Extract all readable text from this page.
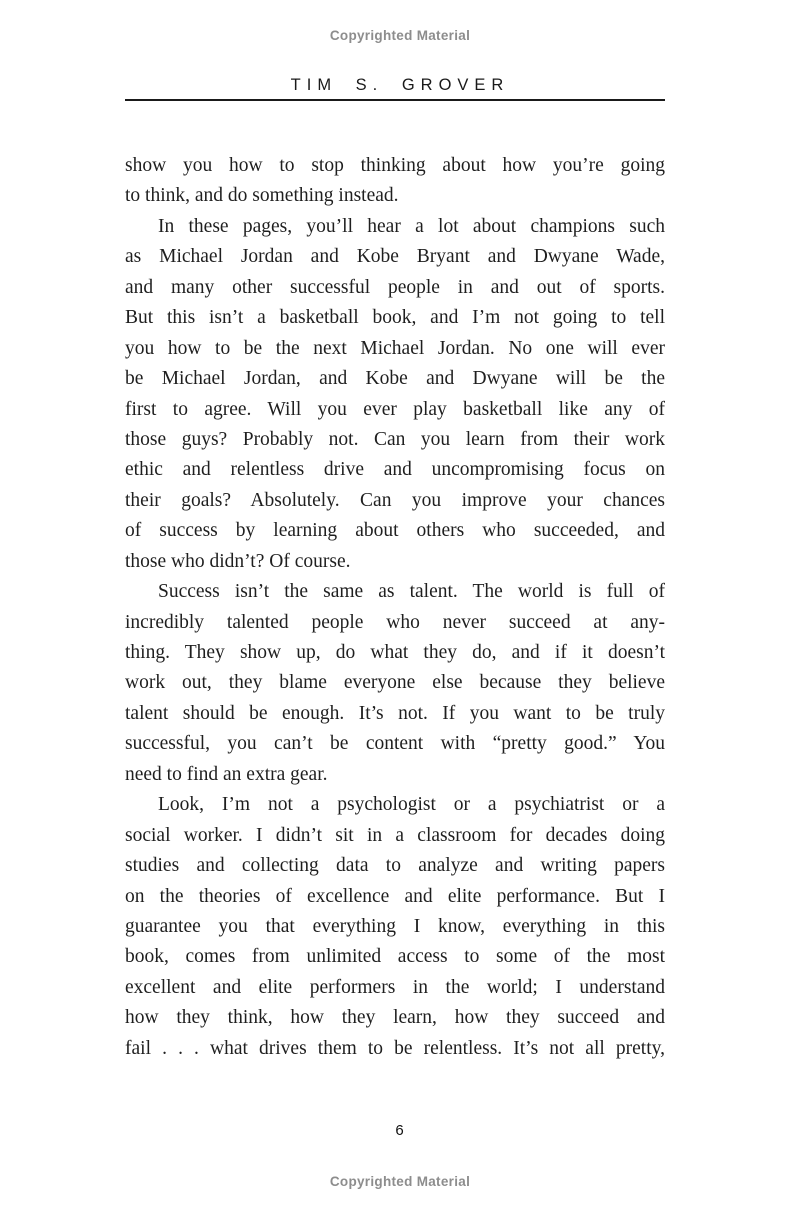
Copyrighted Material
TIM S. GROVER
show you how to stop thinking about how you’re going
to think, and do something instead.
In these pages, you’ll hear a lot about champions such
as Michael Jordan and Kobe Bryant and Dwyane Wade,
and many other successful people in and out of sports.
But this isn’t a basketball book, and I’m not going to tell
you how to be the next Michael Jordan. No one will ever
be Michael Jordan, and Kobe and Dwyane will be the
first to agree. Will you ever play basketball like any of
those guys? Probably not. Can you learn from their work
ethic and relentless drive and uncompromising focus on
their goals? Absolutely. Can you improve your chances
of success by learning about others who succeeded, and
those who didn’t? Of course.
Success isn’t the same as talent. The world is full of
incredibly talented people who never succeed at any-
thing. They show up, do what they do, and if it doesn’t
work out, they blame everyone else because they believe
talent should be enough. It’s not. If you want to be truly
successful, you can’t be content with “pretty good.” You
need to find an extra gear.
Look, I’m not a psychologist or a psychiatrist or a
social worker. I didn’t sit in a classroom for decades doing
studies and collecting data to analyze and writing papers
on the theories of excellence and elite performance. But I
guarantee you that everything I know, everything in this
book, comes from unlimited access to some of the most
excellent and elite performers in the world; I understand
how they think, how they learn, how they succeed and
fail . . . what drives them to be relentless. It’s not all pretty,
6
Copyrighted Material
